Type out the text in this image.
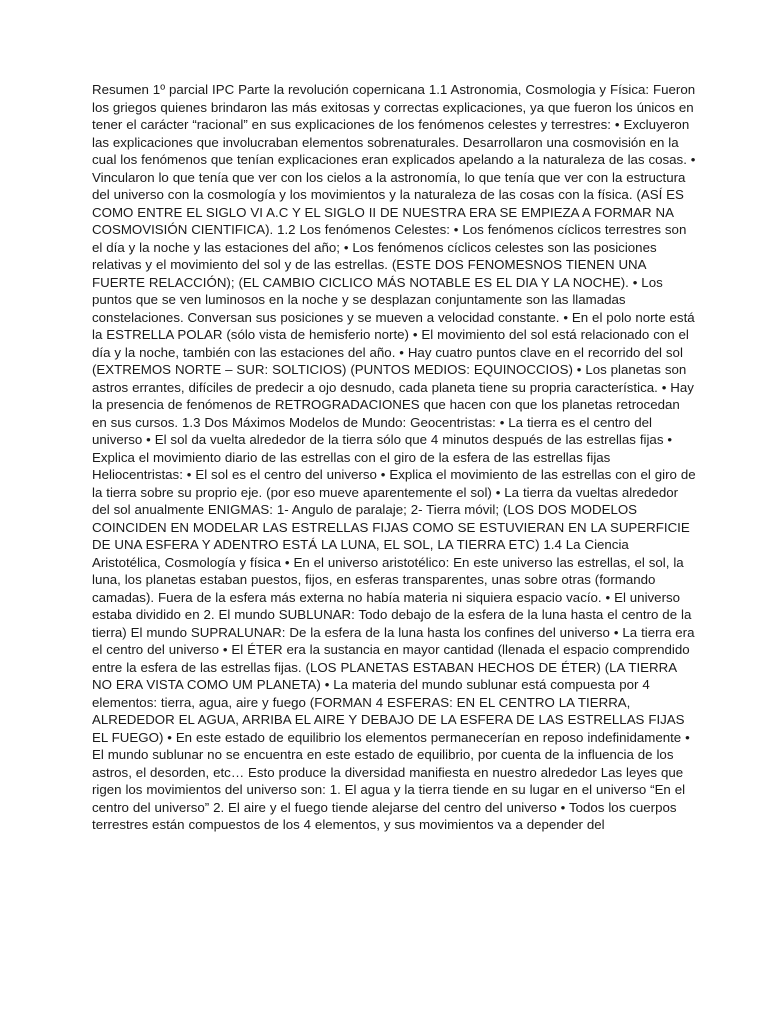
Resumen 1º parcial IPC Parte la revolución copernicana 1.1 Astronomia, Cosmologia y Física: Fueron los griegos quienes brindaron las más exitosas y correctas explicaciones, ya que fueron los únicos en tener el carácter “racional” en sus explicaciones de los fenómenos celestes y terrestres: • Excluyeron las explicaciones que involucraban elementos sobrenaturales. Desarrollaron una cosmovisión en la cual los fenómenos que tenían explicaciones eran explicados apelando a la naturaleza de las cosas. • Vincularon lo que tenía que ver con los cielos a la astronomía, lo que tenía que ver con la estructura del universo con la cosmología y los movimientos y la naturaleza de las cosas con la física. (ASÍ ES COMO ENTRE EL SIGLO VI A.C Y EL SIGLO II DE NUESTRA ERA SE EMPIEZA A FORMAR NA COSMOVISIÓN CIENTIFICA). 1.2 Los fenómenos Celestes: • Los fenómenos cíclicos terrestres son el día y la noche y las estaciones del año; • Los fenómenos cíclicos celestes son las posiciones relativas y el movimiento del sol y de las estrellas. (ESTE DOS FENOMESNOS TIENEN UNA FUERTE RELACCIÓN); (EL CAMBIO CICLICO MÁS NOTABLE ES EL DIA Y LA NOCHE). • Los puntos que se ven luminosos en la noche y se desplazan conjuntamente son las llamadas constelaciones. Conversan sus posiciones y se mueven a velocidad constante. • En el polo norte está la ESTRELLA POLAR (sólo vista de hemisferio norte) • El movimiento del sol está relacionado con el día y la noche, también con las estaciones del año. • Hay cuatro puntos clave en el recorrido del sol (EXTREMOS NORTE – SUR: SOLTICIOS) (PUNTOS MEDIOS: EQUINOCCIOS) • Los planetas son astros errantes, difíciles de predecir a ojo desnudo, cada planeta tiene su propria característica. • Hay la presencia de fenómenos de RETROGRADACIONES que hacen con que los planetas retrocedan en sus cursos. 1.3 Dos Máximos Modelos de Mundo: Geocentristas: • La tierra es el centro del universo • El sol da vuelta alrededor de la tierra sólo que 4 minutos después de las estrellas fijas • Explica el movimiento diario de las estrellas con el giro de la esfera de las estrellas fijas Heliocentristas: • El sol es el centro del universo • Explica el movimiento de las estrellas con el giro de la tierra sobre su proprio eje. (por eso mueve aparentemente el sol) • La tierra da vueltas alrededor del sol anualmente ENIGMAS: 1- Angulo de paralaje; 2- Tierra móvil; (LOS DOS MODELOS COINCIDEN EN MODELAR LAS ESTRELLAS FIJAS COMO SE ESTUVIERAN EN LA SUPERFICIE DE UNA ESFERA Y ADENTRO ESTÁ LA LUNA, EL SOL, LA TIERRA ETC) 1.4 La Ciencia Aristotélica, Cosmología y física • En el universo aristotélico: En este universo las estrellas, el sol, la luna, los planetas estaban puestos, fijos, en esferas transparentes, unas sobre otras (formando camadas). Fuera de la esfera más externa no había materia ni siquiera espacio vacío. • El universo estaba dividido en 2. El mundo SUBLUNAR: Todo debajo de la esfera de la luna hasta el centro de la tierra) El mundo SUPRALUNAR: De la esfera de la luna hasta los confines del universo • La tierra era el centro del universo • El ÉTER era la sustancia en mayor cantidad (llenada el espacio comprendido entre la esfera de las estrellas fijas. (LOS PLANETAS ESTABAN HECHOS DE ÉTER) (LA TIERRA NO ERA VISTA COMO UM PLANETA) • La materia del mundo sublunar está compuesta por 4 elementos: tierra, agua, aire y fuego (FORMAN 4 ESFERAS: EN EL CENTRO LA TIERRA, ALREDEDOR EL AGUA, ARRIBA EL AIRE Y DEBAJO DE LA ESFERA DE LAS ESTRELLAS FIJAS EL FUEGO) • En este estado de equilibrio los elementos permanecerían en reposo indefinidamente • El mundo sublunar no se encuentra en este estado de equilibrio, por cuenta de la influencia de los astros, el desorden, etc… Esto produce la diversidad manifiesta en nuestro alrededor Las leyes que rigen los movimientos del universo son: 1. El agua y la tierra tiende en su lugar en el universo “En el centro del universo” 2. El aire y el fuego tiende alejarse del centro del universo • Todos los cuerpos terrestres están compuestos de los 4 elementos, y sus movimientos va a depender del
